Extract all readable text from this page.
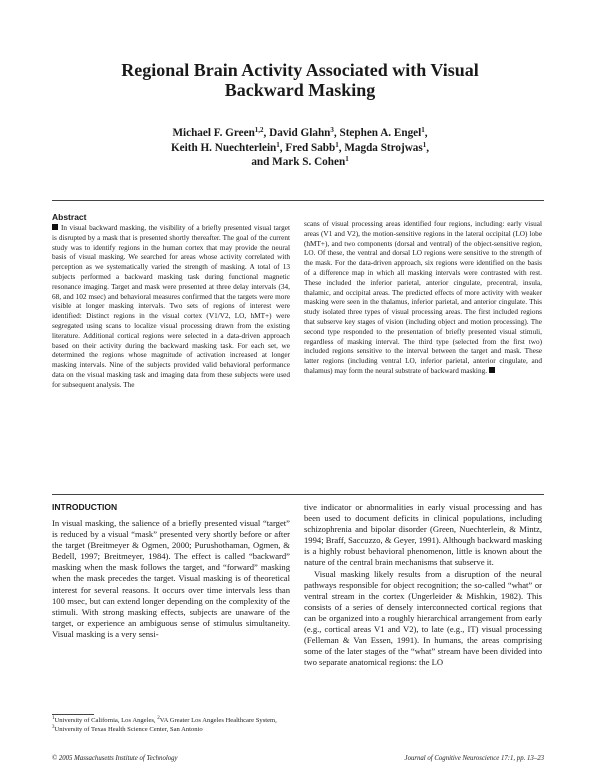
Regional Brain Activity Associated with Visual Backward Masking
Michael F. Green$^{1,2}$, David Glahn$^3$, Stephen A. Engel$^1$,
Keith H. Nuechterlein$^1$, Fred Sabb$^1$, Magda Strojwas$^1$,
and Mark S. Cohen$^1$
Abstract
In visual backward masking, the visibility of a briefly presented visual target is disrupted by a mask that is presented shortly thereafter. The goal of the current study was to identify regions in the human cortex that may provide the neural basis of visual masking. We searched for areas whose activity correlated with perception as we systematically varied the strength of masking. A total of 13 subjects performed a backward masking task during functional magnetic resonance imaging. Target and mask were presented at three delay intervals (34, 68, and 102 msec) and behavioral measures confirmed that the targets were more visible at longer masking intervals. Two sets of regions of interest were identified: Distinct regions in the visual cortex (V1/V2, LO, hMT+) were segregated using scans to localize visual processing drawn from the existing literature. Additional cortical regions were selected in a data-driven approach based on their activity during the backward masking task. For each set, we determined the regions whose magnitude of activation increased at longer masking intervals. Nine of the subjects provided valid behavioral performance data on the visual masking task and imaging data from these subjects were used for subsequent analysis. The
scans of visual processing areas identified four regions, including: early visual areas (V1 and V2), the motion-sensitive regions in the lateral occipital (LO) lobe (hMT+), and two components (dorsal and ventral) of the object-sensitive region, LO. Of these, the ventral and dorsal LO regions were sensitive to the strength of the mask. For the data-driven approach, six regions were identified on the basis of a difference map in which all masking intervals were contrasted with rest. These included the inferior parietal, anterior cingulate, precentral, insula, thalamic, and occipital areas. The predicted effects of more activity with weaker masking were seen in the thalamus, inferior parietal, and anterior cingulate. This study isolated three types of visual processing areas. The first included regions that subserve key stages of vision (including object and motion processing). The second type responded to the presentation of briefly presented visual stimuli, regardless of masking interval. The third type (selected from the first two) included regions sensitive to the interval between the target and mask. These latter regions (including ventral LO, inferior parietal, anterior cingulate, and thalamus) may form the neural substrate of backward masking.
INTRODUCTION

In visual masking, the salience of a briefly presented visual “target” is reduced by a visual “mask” presented very shortly before or after the target (Breitmeyer & Ogmen, 2000; Purushothaman, Ogmen, & Bedell, 1997; Breitmeyer, 1984). The effect is called “backward” masking when the mask follows the target, and “forward” masking when the mask precedes the target. Visual masking is of theoretical interest for several reasons. It occurs over time intervals less than 100 msec, but can extend longer depending on the complexity of the stimuli. With strong masking effects, subjects are unaware of the target, or experience an ambiguous sense of stimulus simultaneity. Visual masking is a very sensi-

tive indicator or abnormalities in early visual processing and has been used to document deficits in clinical populations, including schizophrenia and bipolar disorder (Green, Nuechterlein, & Mintz, 1994; Braff, Saccuzzo, & Geyer, 1991). Although backward masking is a highly robust behavioral phenomenon, little is known about the nature of the central brain mechanisms that subserve it.

Visual masking likely results from a disruption of the neural pathways responsible for object recognition; the so-called “what” or ventral stream in the cortex (Ungerleider & Mishkin, 1982). This consists of a series of densely interconnected cortical regions that can be organized into a roughly hierarchical arrangement from early (e.g., cortical areas V1 and V2), to late (e.g., IT) visual processing (Felleman & Van Essen, 1991). In humans, the areas comprising some of the later stages of the “what” stream have been divided into two separate anatomical regions: the LO

$^1$University of California, Los Angeles, $^2$VA Greater Los Angeles Healthcare System, $^3$University of Texas Health Science Center, San Antonio
© 2005 Massachusetts Institute of Technology	Journal of Cognitive Neuroscience 17:1, pp. 13–23
